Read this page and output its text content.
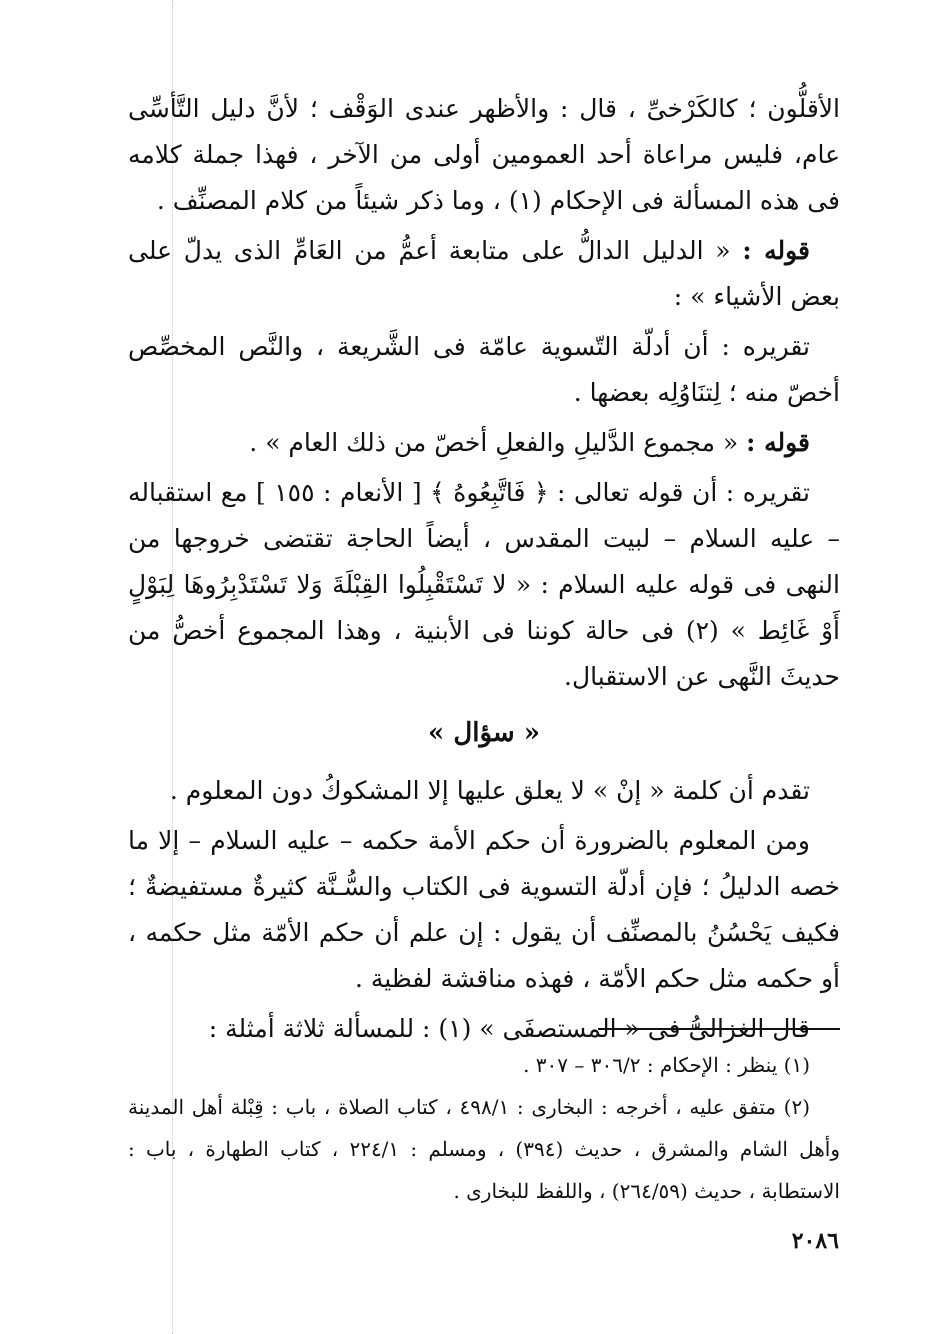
الأقلُّون ؛ كالكَرْخىِّ ، قال : والأظهر عندى الوَقْف ؛ لأنَّ دليل التَّأسِّى عام، فليس مراعاة أحد العمومين أولى من الآخر ، فهذا جملة كلامه فى هذه المسألة فى الإحكام (١) ، وما ذكر شيئاً من كلام المصنِّف .

قوله : « الدليل الدالُّ على متابعة أعمُّ من العَامِّ الذى يدلّ على بعض الأشياء » :

تقريره : أن أدلّة التّسوية عامّة فى الشَّريعة ، والنَّص المخصِّص أخصّ منه ؛ لِتنَاوُلِه بعضها .

قوله : « مجموع الدَّليلِ والفعلِ أخصّ من ذلك العام » .

تقريره : أن قوله تعالى : ﴿ فَاتَّبِعُوهُ ﴾ [ الأنعام : ١٥٥ ] مع استقباله – عليه السلام – لبيت المقدس ، أيضاً الحاجة تقتضى خروجها من النهى فى قوله عليه السلام : « لا تَسْتَقْبِلُوا القِبْلَةَ وَلا تَسْتَدْبِرُوهَا لِبَوْلٍ أَوْ غَائِط » (٢) فى حالة كوننا فى الأبنية ، وهذا المجموع أخصُّ من حديثَ النَّهى عن الاستقبال.

« سؤال »

تقدم أن كلمة « إنْ » لا يعلق عليها إلا المشكوكُ دون المعلوم .

ومن المعلوم بالضرورة أن حكم الأمة حكمه – عليه السلام – إلا ما خصه الدليلُ ؛ فإن أدلّة التسوية فى الكتاب والسُّـنَّة كثيرةٌ مستفيضةٌ ؛ فكيف يَحْسُنُ بالمصنِّف أن يقول : إن علم أن حكم الأمّة مثل حكمه ، أو حكمه مثل حكم الأمّة ، فهذه مناقشة لفظية .

قال الغزالىُّ فى « المستصفَى » (١) : للمسألة ثلاثة أمثلة :

(١) ينظر : الإحكام : ٣٠٦/٢ – ٣٠٧ .

(٢) متفق عليه ، أخرجه : البخارى : ٤٩٨/١ ، كتاب الصلاة ، باب : قِبْلة أهل المدينة وأهل الشام والمشرق ، حديث (٣٩٤) ، ومسلم : ٢٢٤/١ ، كتاب الطهارة ، باب : الاستطابة ، حديث (٢٦٤/٥٩) ، واللفظ للبخارى .

٢٠٨٦
